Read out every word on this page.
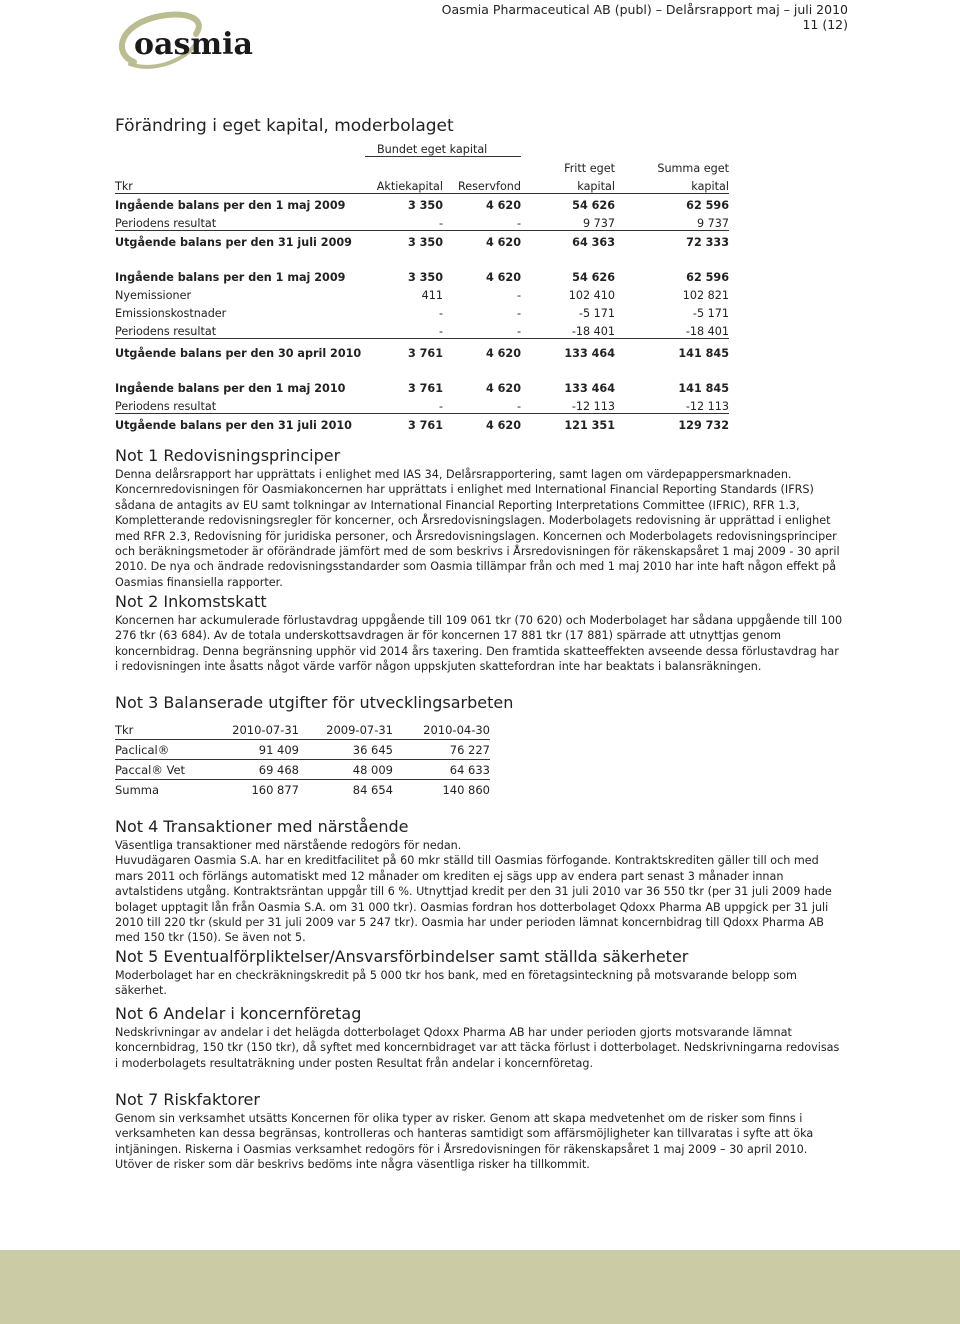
oasmia
Oasmia Pharmaceutical AB (publ) – Delårsrapport maj – juli 2010
11 (12)
Förändring i eget kapital, moderbolaget
	Bundet eget kapital			
			Fritt eget	Summa eget
Tkr	Aktiekapital	Reservfond	kapital	kapital
Ingående balans per den 1 maj 2009	3 350	4 620	54 626	62 596
Periodens resultat	-	-	9 737	9 737
Utgående balans per den 31 juli 2009	3 350	4 620	64 363	72 333

Ingående balans per den 1 maj 2009	3 350	4 620	54 626	62 596
Nyemissioner	411	-	102 410	102 821
Emissionskostnader	-	-	-5 171	-5 171
Periodens resultat	-	-	-18 401	-18 401
Utgående balans per den 30 april 2010	3 761	4 620	133 464	141 845

Ingående balans per den 1 maj 2010	3 761	4 620	133 464	141 845
Periodens resultat	-	-	-12 113	-12 113
Utgående balans per den 31 juli 2010	3 761	4 620	121 351	129 732
Not 1 Redovisningsprinciper

Denna delårsrapport har upprättats i enlighet med IAS 34, Delårsrapportering, samt lagen om värdepappersmarknaden.

Koncernredovisningen för Oasmiakoncernen har upprättats i enlighet med International Financial Reporting Standards (IFRS) sådana de antagits av EU samt tolkningar av International Financial Reporting Interpretations Committee (IFRIC), RFR 1.3, Kompletterande redovisningsregler för koncerner, och Årsredovisningslagen. Moderbolagets redovisning är upprättad i enlighet med RFR 2.3, Redovisning för juridiska personer, och Årsredovisningslagen. Koncernen och Moderbolagets redovisningsprinciper och beräkningsmetoder är oförändrade jämfört med de som beskrivs i Årsredovisningen för räkenskapsåret 1 maj 2009 - 30 april 2010. De nya och ändrade redovisningsstandarder som Oasmia tillämpar från och med 1 maj 2010 har inte haft någon effekt på Oasmias finansiella rapporter.

Not 2 Inkomstskatt

Koncernen har ackumulerade förlustavdrag uppgående till 109 061 tkr (70 620) och Moderbolaget har sådana uppgående till 100 276 tkr (63 684). Av de totala underskottsavdragen är för koncernen 17 881 tkr (17 881) spärrade att utnyttjas genom koncernbidrag. Denna begränsning upphör vid 2014 års taxering. Den framtida skatteeffekten avseende dessa förlustavdrag har i redovisningen inte åsatts något värde varför någon uppskjuten skattefordran inte har beaktats i balansräkningen.

Not 3 Balanserade utgifter för utvecklingsarbeten
Tkr	2010-07-31	2009-07-31	2010-04-30
Paclical®	91 409	36 645	76 227
Paccal® Vet	69 468	48 009	64 633
Summa	160 877	84 654	140 860
Not 4 Transaktioner med närstående

Väsentliga transaktioner med närstående redogörs för nedan.

Huvudägaren Oasmia S.A. har en kreditfacilitet på 60 mkr ställd till Oasmias förfogande. Kontraktskrediten gäller till och med mars 2011 och förlängs automatiskt med 12 månader om krediten ej sägs upp av endera part senast 3 månader innan avtalstidens utgång. Kontraktsräntan uppgår till 6 %. Utnyttjad kredit per den 31 juli 2010 var 36 550 tkr (per 31 juli 2009 hade bolaget upptagit lån från Oasmia S.A. om 31 000 tkr). Oasmias fordran hos dotterbolaget Qdoxx Pharma AB uppgick per 31 juli 2010 till 220 tkr (skuld per 31 juli 2009 var 5 247 tkr). Oasmia har under perioden lämnat koncernbidrag till Qdoxx Pharma AB med 150 tkr (150). Se även not 5.

Not 5 Eventualförpliktelser/Ansvarsförbindelser samt ställda säkerheter

Moderbolaget har en checkräkningskredit på 5 000 tkr hos bank, med en företagsinteckning på motsvarande belopp som säkerhet.

Not 6 Andelar i koncernföretag

Nedskrivningar av andelar i det helägda dotterbolaget Qdoxx Pharma AB har under perioden gjorts motsvarande lämnat koncernbidrag, 150 tkr (150 tkr), då syftet med koncernbidraget var att täcka förlust i dotterbolaget. Nedskrivningarna redovisas i moderbolagets resultaträkning under posten Resultat från andelar i koncernföretag.

Not 7 Riskfaktorer

Genom sin verksamhet utsätts Koncernen för olika typer av risker. Genom att skapa medvetenhet om de risker som finns i verksamheten kan dessa begränsas, kontrolleras och hanteras samtidigt som affärsmöjligheter kan tillvaratas i syfte att öka intjäningen. Riskerna i Oasmias verksamhet redogörs för i Årsredovisningen för räkenskapsåret 1 maj 2009 – 30 april 2010. Utöver de risker som där beskrivs bedöms inte några väsentliga risker ha tillkommit.
